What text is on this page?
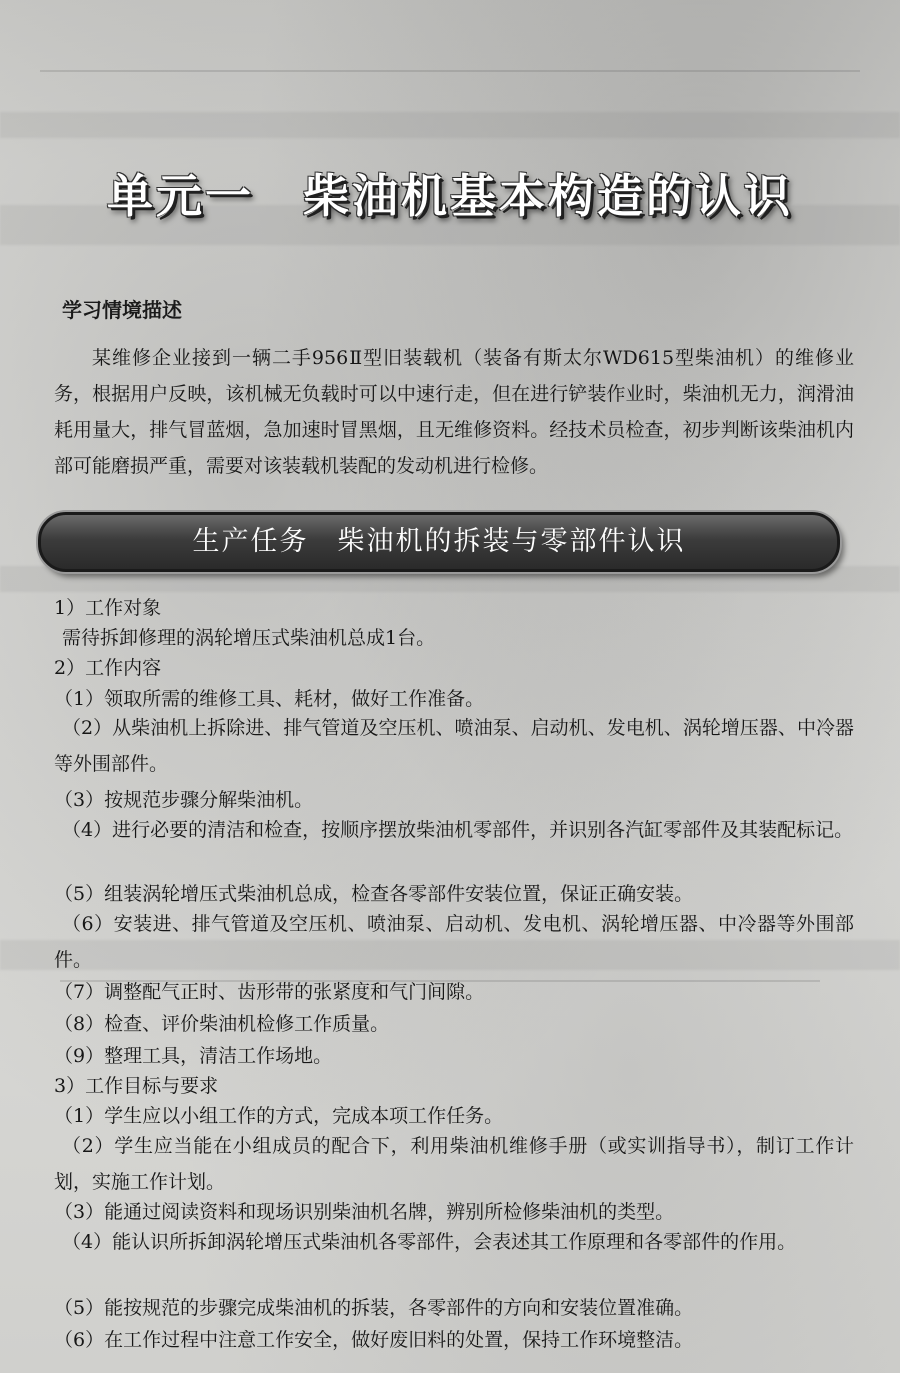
单元一　柴油机基本构造的认识
学习情境描述
某维修企业接到一辆二手956Ⅱ型旧装载机（装备有斯太尔WD615型柴油机）的维修业务，根据用户反映，该机械无负载时可以中速行走，但在进行铲装作业时，柴油机无力，润滑油耗用量大，排气冒蓝烟，急加速时冒黑烟，且无维修资料。经技术员检查，初步判断该柴油机内部可能磨损严重，需要对该装载机装配的发动机进行检修。
生产任务　柴油机的拆装与零部件认识
1）工作对象
需待拆卸修理的涡轮增压式柴油机总成1台。
2）工作内容
（1）领取所需的维修工具、耗材，做好工作准备。
（2）从柴油机上拆除进、排气管道及空压机、喷油泵、启动机、发电机、涡轮增压器、中冷器等外围部件。
（3）按规范步骤分解柴油机。
（4）进行必要的清洁和检查，按顺序摆放柴油机零部件，并识别各汽缸零部件及其装配标记。
（5）组装涡轮增压式柴油机总成，检查各零部件安装位置，保证正确安装。
（6）安装进、排气管道及空压机、喷油泵、启动机、发电机、涡轮增压器、中冷器等外围部件。
（7）调整配气正时、齿形带的张紧度和气门间隙。
（8）检查、评价柴油机检修工作质量。
（9）整理工具，清洁工作场地。
3）工作目标与要求
（1）学生应以小组工作的方式，完成本项工作任务。
（2）学生应当能在小组成员的配合下，利用柴油机维修手册（或实训指导书），制订工作计划，实施工作计划。
（3）能通过阅读资料和现场识别柴油机名牌，辨别所检修柴油机的类型。
（4）能认识所拆卸涡轮增压式柴油机各零部件，会表述其工作原理和各零部件的作用。
（5）能按规范的步骤完成柴油机的拆装，各零部件的方向和安装位置准确。
（6）在工作过程中注意工作安全，做好废旧料的处置，保持工作环境整洁。
